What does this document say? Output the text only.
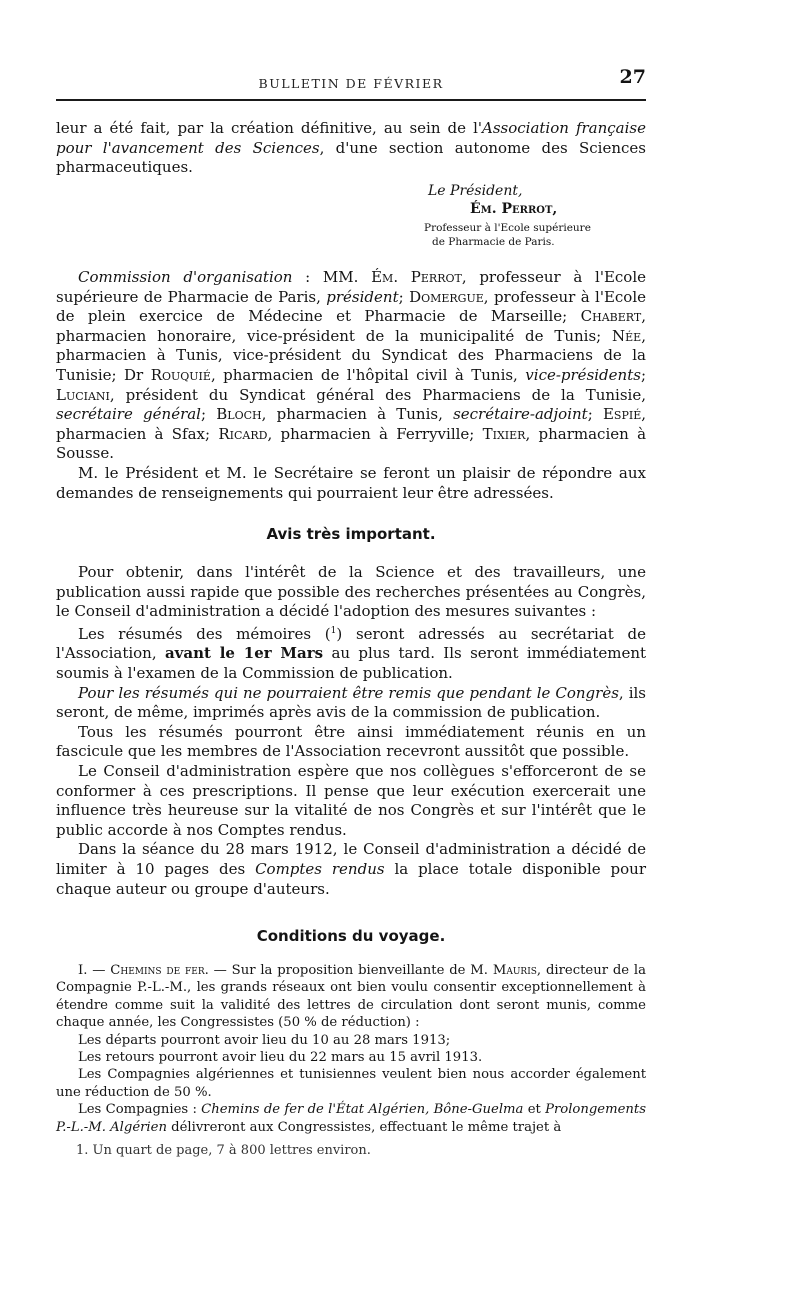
BULLETIN DE FÉVRIER	27

leur a été fait, par la création définitive, au sein de l'Association française pour l'avancement des Sciences, d'une section autonome des Sciences pharmaceutiques.

Le Président,
Ém. Perrot,
Professeur à l'Ecole supérieure
de Pharmacie de Paris.

Commission d'organisation : MM. Ém. Perrot, professeur à l'Ecole supérieure de Pharmacie de Paris, président; Domergue, professeur à l'Ecole de plein exercice de Médecine et Pharmacie de Marseille; Chabert, pharmacien honoraire, vice-président de la municipalité de Tunis; Née, pharmacien à Tunis, vice-président du Syndicat des Pharmaciens de la Tunisie; Dr Rouquié, pharmacien de l'hôpital civil à Tunis, vice-présidents; Luciani, président du Syndicat général des Pharmaciens de la Tunisie, secrétaire général; Bloch, pharmacien à Tunis, secrétaire-adjoint; Espié, pharmacien à Sfax; Ricard, pharmacien à Ferryville; Tixier, pharmacien à Sousse.

M. le Président et M. le Secrétaire se feront un plaisir de répondre aux demandes de renseignements qui pourraient leur être adressées.

Avis très important.

Pour obtenir, dans l'intérêt de la Science et des travailleurs, une publication aussi rapide que possible des recherches présentées au Congrès, le Conseil d'administration a décidé l'adoption des mesures suivantes :

Les résumés des mémoires ($^1$) seront adressés au secrétariat de l'Association, avant le 1er Mars au plus tard. Ils seront immédiatement soumis à l'examen de la Commission de publication.

Pour les résumés qui ne pourraient être remis que pendant le Congrès, ils seront, de même, imprimés après avis de la commission de publication.

Tous les résumés pourront être ainsi immédiatement réunis en un fascicule que les membres de l'Association recevront aussitôt que possible.

Le Conseil d'administration espère que nos collègues s'efforceront de se conformer à ces prescriptions. Il pense que leur exécution exercerait une influence très heureuse sur la vitalité de nos Congrès et sur l'intérêt que le public accorde à nos Comptes rendus.

Dans la séance du 28 mars 1912, le Conseil d'administration a décidé de limiter à 10 pages des Comptes rendus la place totale disponible pour chaque auteur ou groupe d'auteurs.

Conditions du voyage.

I. — Chemins de fer. — Sur la proposition bienveillante de M. Mauris, directeur de la Compagnie P.-L.-M., les grands réseaux ont bien voulu consentir exceptionnellement à étendre comme suit la validité des lettres de circulation dont seront munis, comme chaque année, les Congressistes (50 % de réduction) :

Les départs pourront avoir lieu du 10 au 28 mars 1913;

Les retours pourront avoir lieu du 22 mars au 15 avril 1913.

Les Compagnies algériennes et tunisiennes veulent bien nous accorder également une réduction de 50 %.

Les Compagnies : Chemins de fer de l'État Algérien, Bône-Guelma et Prolongements P.-L.-M. Algérien délivreront aux Congressistes, effectuant le même trajet à

1. Un quart de page, 7 à 800 lettres environ.
